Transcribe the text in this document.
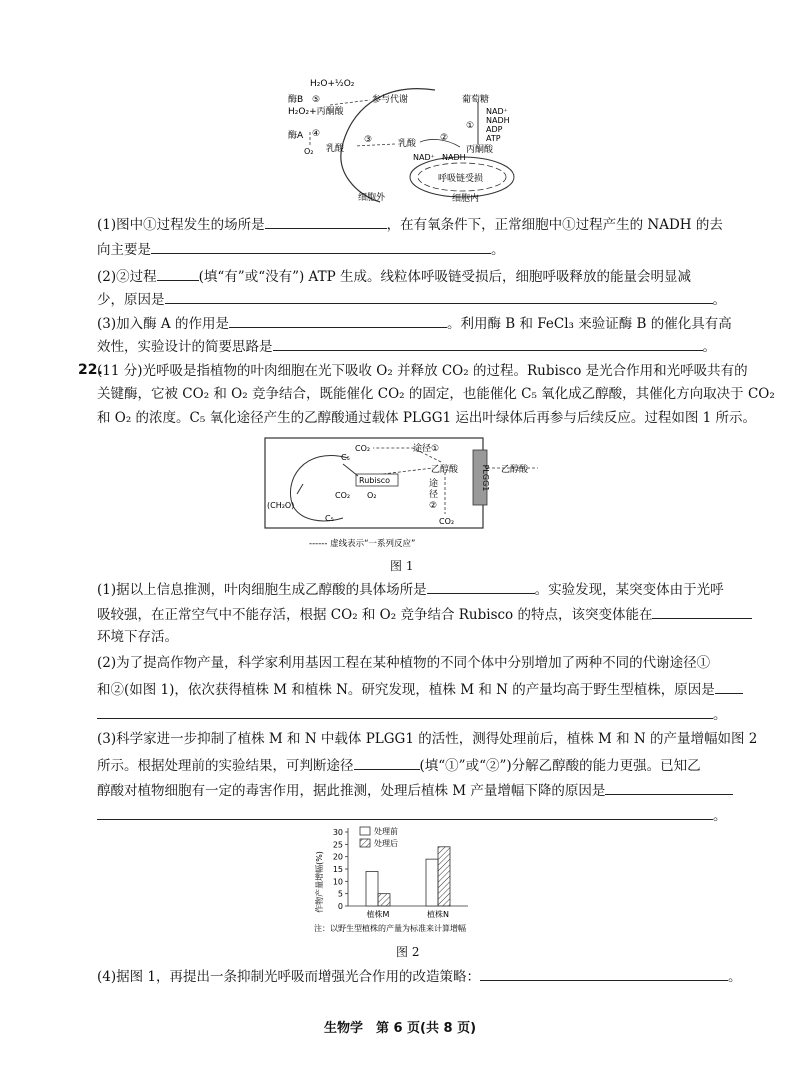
H₂O+½O₂
酶B ⑤
H₂O₂+丙酮酸
参与代谢	葡萄糖
NAD⁺
NADH
ADP
ATP
①
酶A ④
O₂ 乳酸
③	乳酸
②
NAD⁺ NADH
丙酮酸
呼吸链受损
细胞外	细胞内
(1)图中①过程发生的场所是	，在有氧条件下，正常细胞中①过程产生的 NADH 的去
向主要是	。
(2)②过程	(填“有”或“没有”) ATP 生成。线粒体呼吸链受损后，细胞呼吸释放的能量会明显减
少，原因是	。
(3)加入酶 A 的作用是	。利用酶 B 和 FeCl₃ 来验证酶 B 的催化具有高
效性，实验设计的简要思路是	。
22.
(11 分)光呼吸是指植物的叶肉细胞在光下吸收 O₂ 并释放 CO₂ 的过程。Rubisco 是光合作用和光呼吸共有的
关键酶，它被 CO₂ 和 O₂ 竞争结合，既能催化 CO₂ 的固定，也能催化 C₅ 氧化成乙醇酸，其催化方向取决于 CO₂
和 O₂ 的浓度。C₅ 氧化途径产生的乙醇酸通过载体 PLGG1 运出叶绿体后再参与后续反应。过程如图 1 所示。
PLGG1
Rubisco
C₅
C₅
(CH₂O)
CO₂ O₂
CO₂	途径①
乙醇酸
途
径
②
CO₂
乙醇酸
------ 虚线表示“一系列反应”
图 1
(1)据以上信息推测，叶肉细胞生成乙醇酸的具体场所是	。实验发现，某突变体由于光呼
吸较强，在正常空气中不能存活，根据 CO₂ 和 O₂ 竞争结合 Rubisco 的特点，该突变体能在
环境下存活。
(2)为了提高作物产量，科学家利用基因工程在某种植物的不同个体中分别增加了两种不同的代谢途径①
和②(如图 1)，依次获得植株 M 和植株 N。研究发现，植株 M 和 N 的产量均高于野生型植株，原因是
。
(3)科学家进一步抑制了植株 M 和 N 中载体 PLGG1 的活性，测得处理前后，植株 M 和 N 的产量增幅如图 2
所示。根据处理前的实验结果，可判断途径	(填“①”或“②”)分解乙醇酸的能力更强。已知乙
醇酸对植物细胞有一定的毒害作用，据此推测，处理后植株 M 产量增幅下降的原因是
。
作物产量增幅(%) 0
5
10
15
20
25
30
植株M	植株N
处理前
处理后
注：以野生型植株的产量为标准来计算增幅
图 2
(4)据图 1，再提出一条抑制光呼吸而增强光合作用的改造策略：	。
生物学　第 6 页(共 8 页)
